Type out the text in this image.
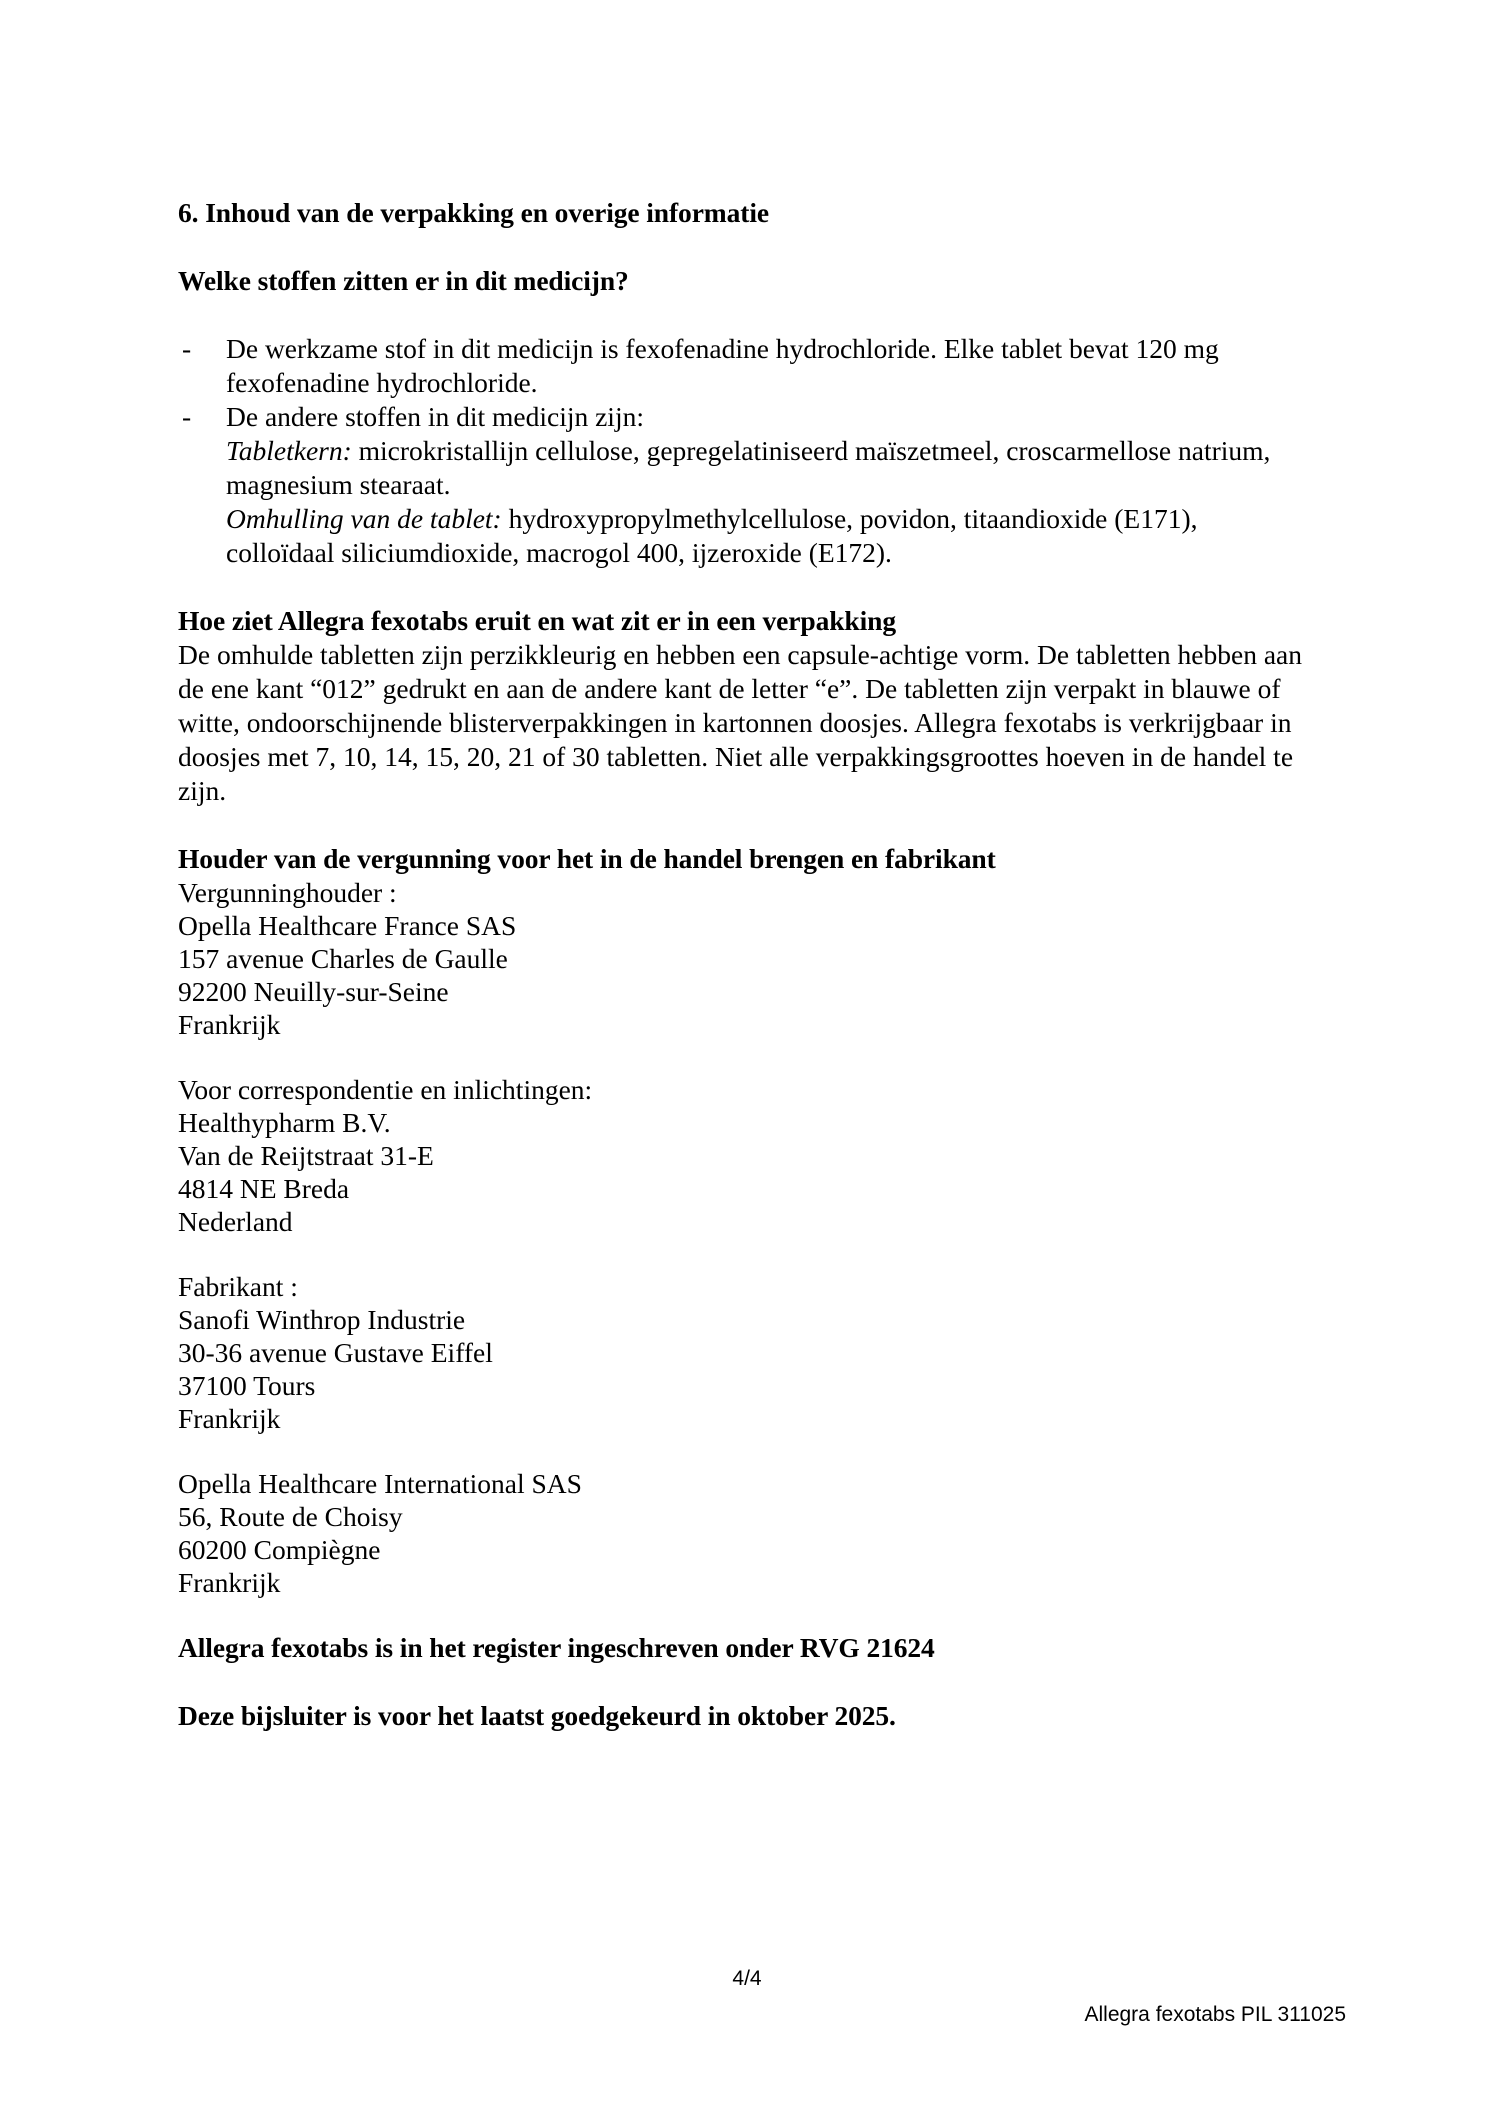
6. Inhoud van de verpakking en overige informatie
Welke stoffen zitten er in dit medicijn?
- De werkzame stof in dit medicijn is fexofenadine hydrochloride. Elke tablet bevat 120 mg fexofenadine hydrochloride.
- De andere stoffen in dit medicijn zijn:
Tabletkern: microkristallijn cellulose, gepregelatiniseerd maïszetmeel, croscarmellose natrium, magnesium stearaat.
Omhulling van de tablet: hydroxypropylmethylcellulose, povidon, titaandioxide (E171), colloïdaal siliciumdioxide, macrogol 400, ijzeroxide (E172).
Hoe ziet Allegra fexotabs eruit en wat zit er in een verpakking
De omhulde tabletten zijn perzikkleurig en hebben een capsule-achtige vorm. De tabletten hebben aan de ene kant “012” gedrukt en aan de andere kant de letter “e”. De tabletten zijn verpakt in blauwe of witte, ondoorschijnende blisterverpakkingen in kartonnen doosjes. Allegra fexotabs is verkrijgbaar in doosjes met 7, 10, 14, 15, 20, 21 of 30 tabletten. Niet alle verpakkingsgroottes hoeven in de handel te zijn.
Houder van de vergunning voor het in de handel brengen en fabrikant
Vergunninghouder :
Opella Healthcare France SAS
157 avenue Charles de Gaulle
92200 Neuilly-sur-Seine
Frankrijk
Voor correspondentie en inlichtingen:
Healthypharm B.V.
Van de Reijtstraat 31-E
4814 NE Breda
Nederland
Fabrikant :
Sanofi Winthrop Industrie
30-36 avenue Gustave Eiffel
37100 Tours
Frankrijk
Opella Healthcare International SAS
56, Route de Choisy
60200 Compiègne
Frankrijk
Allegra fexotabs is in het register ingeschreven onder RVG 21624
Deze bijsluiter is voor het laatst goedgekeurd in oktober 2025.
4/4
Allegra fexotabs PIL 311025
